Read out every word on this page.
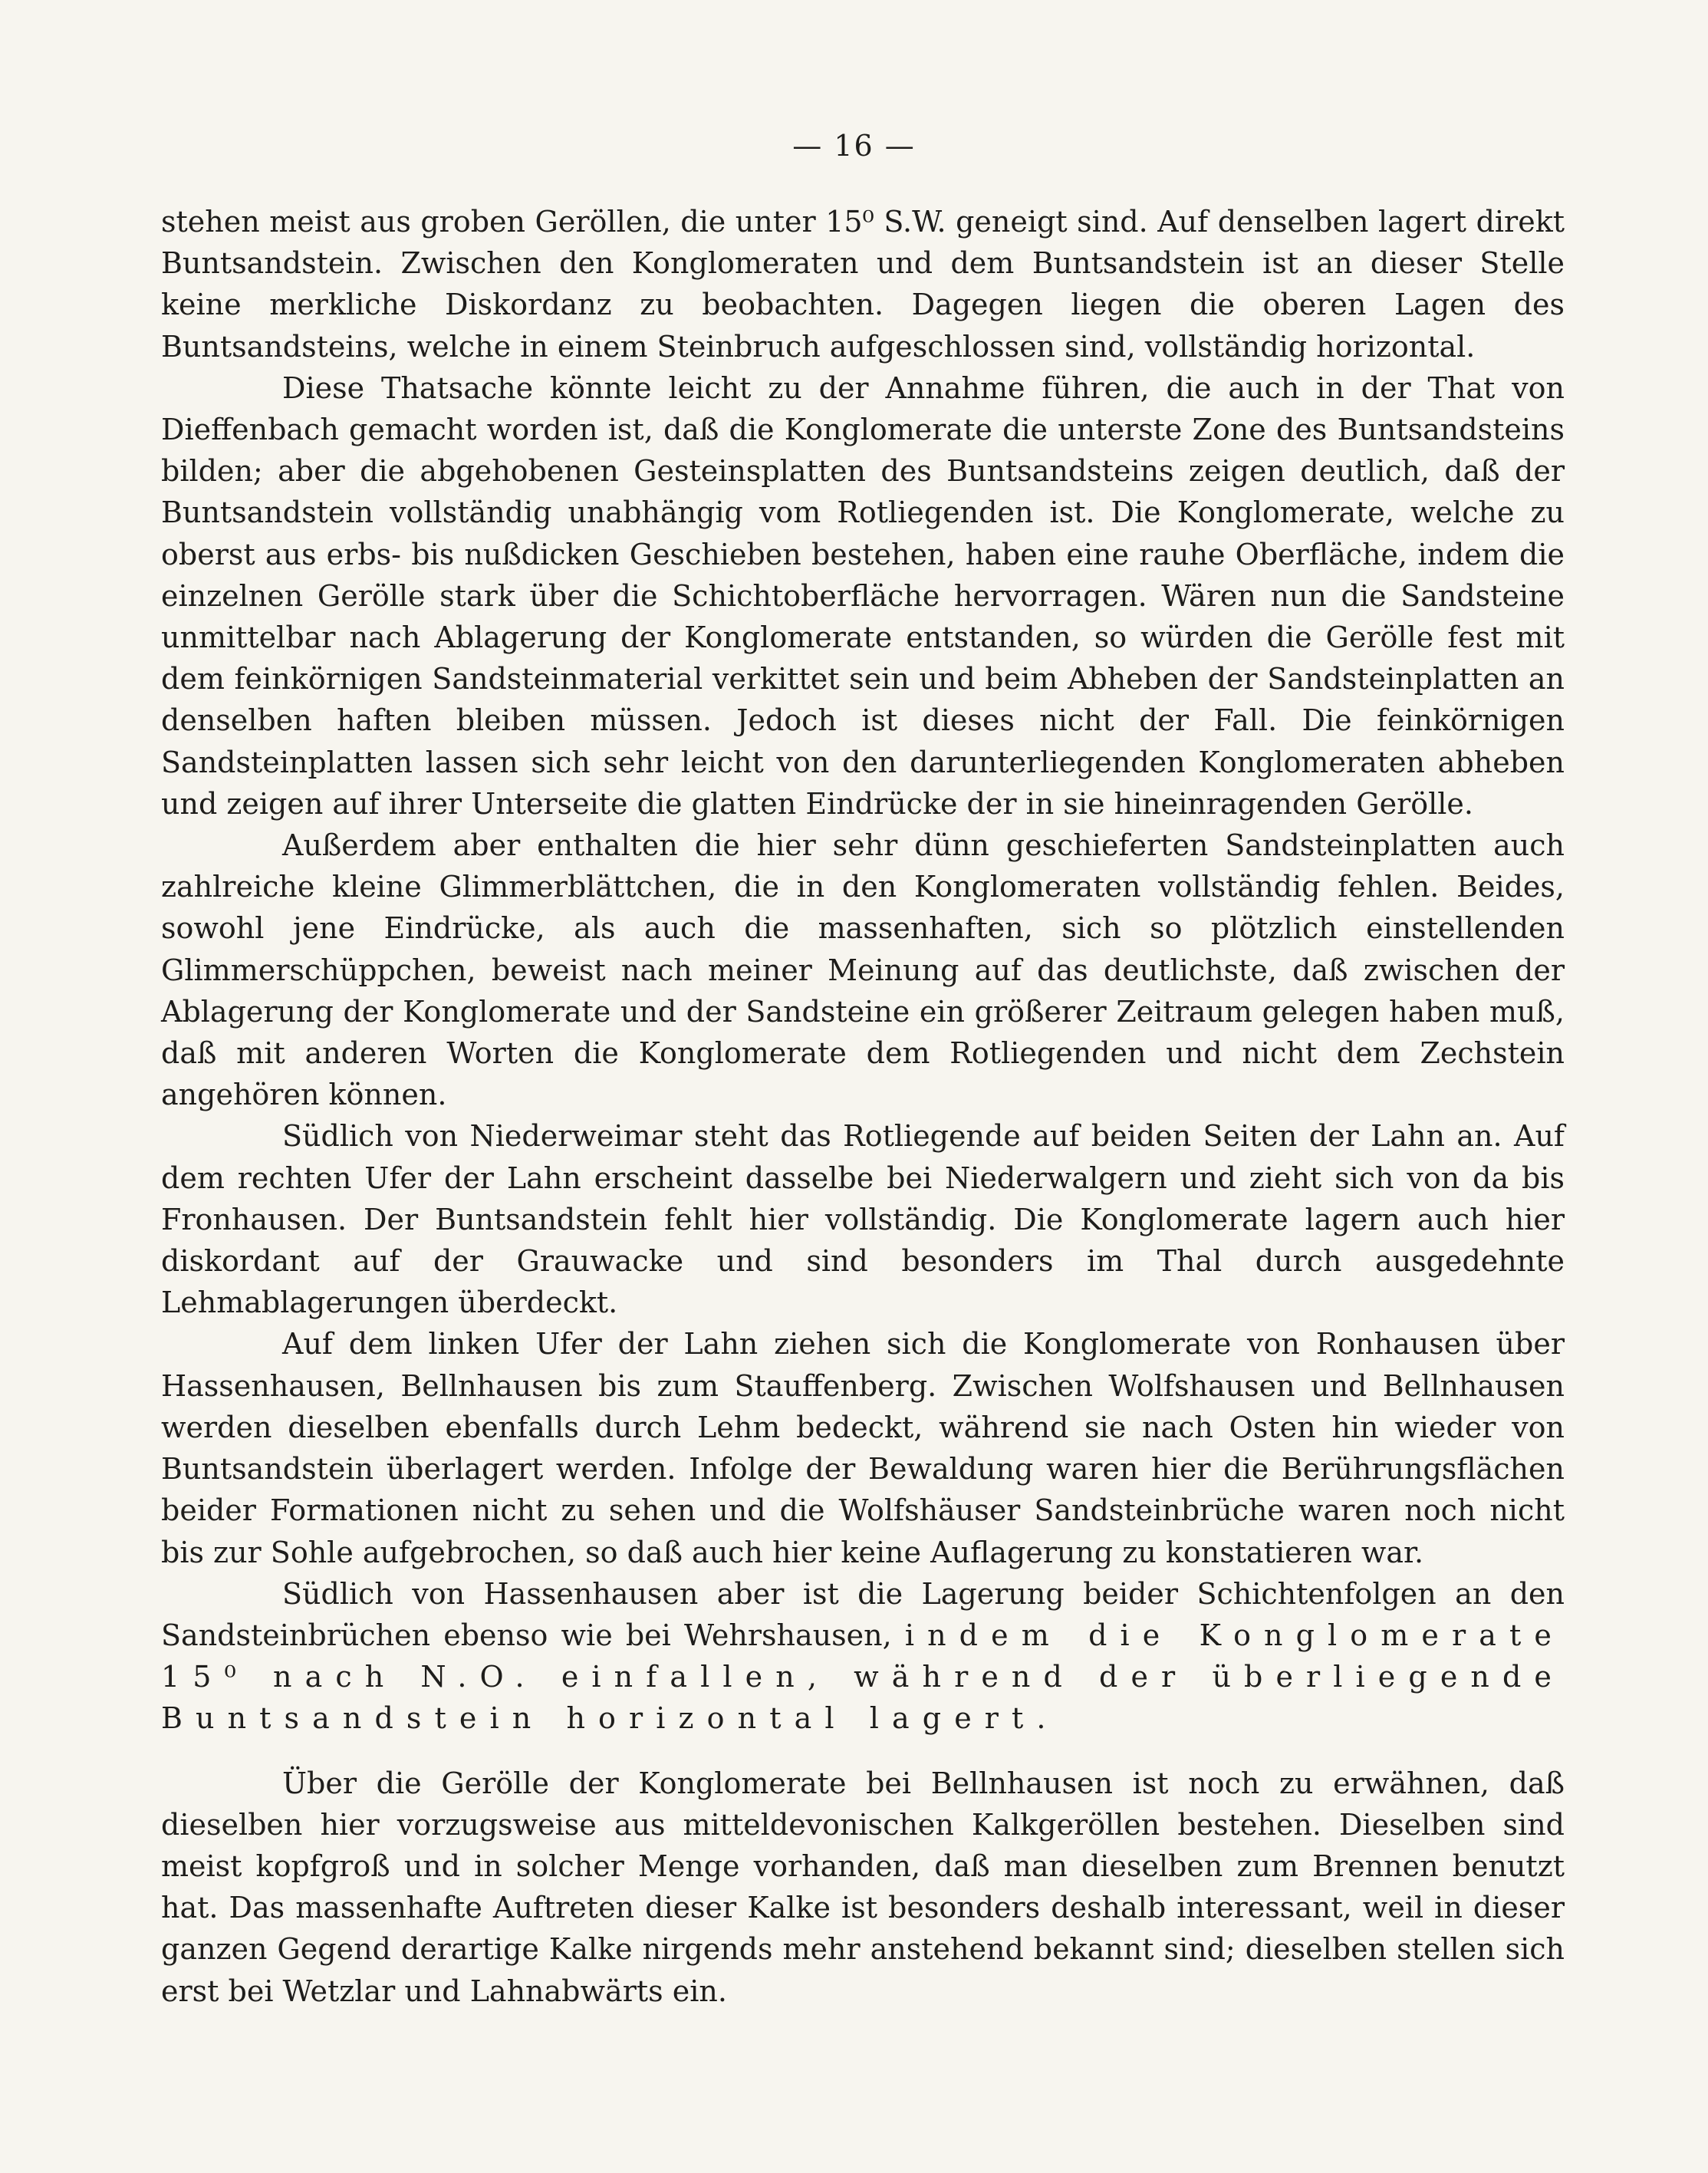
— 16 —

stehen meist aus groben Geröllen, die unter 15⁰ S.W. geneigt sind. Auf denselben lagert direkt Buntsandstein. Zwischen den Konglomeraten und dem Buntsandstein ist an dieser Stelle keine merkliche Diskordanz zu beobachten. Dagegen liegen die oberen Lagen des Buntsandsteins, welche in einem Steinbruch aufgeschlossen sind, vollständig horizontal.

Diese Thatsache könnte leicht zu der Annahme führen, die auch in der That von Dieffenbach gemacht worden ist, daß die Konglomerate die unterste Zone des Buntsandsteins bilden; aber die abgehobenen Gesteinsplatten des Buntsandsteins zeigen deutlich, daß der Buntsandstein vollständig unabhängig vom Rotliegenden ist. Die Konglomerate, welche zu oberst aus erbs- bis nußdicken Geschieben bestehen, haben eine rauhe Oberfläche, indem die einzelnen Gerölle stark über die Schichtoberfläche hervorragen. Wären nun die Sandsteine unmittelbar nach Ablagerung der Konglomerate entstanden, so würden die Gerölle fest mit dem feinkörnigen Sandsteinmaterial verkittet sein und beim Abheben der Sandsteinplatten an denselben haften bleiben müssen. Jedoch ist dieses nicht der Fall. Die feinkörnigen Sandsteinplatten lassen sich sehr leicht von den darunterliegenden Konglomeraten abheben und zeigen auf ihrer Unterseite die glatten Eindrücke der in sie hineinragenden Gerölle.

Außerdem aber enthalten die hier sehr dünn geschieferten Sandsteinplatten auch zahlreiche kleine Glimmerblättchen, die in den Konglomeraten vollständig fehlen. Beides, sowohl jene Eindrücke, als auch die massenhaften, sich so plötzlich einstellenden Glimmerschüppchen, beweist nach meiner Meinung auf das deutlichste, daß zwischen der Ablagerung der Konglomerate und der Sandsteine ein größerer Zeitraum gelegen haben muß, daß mit anderen Worten die Konglomerate dem Rotliegenden und nicht dem Zechstein angehören können.

Südlich von Niederweimar steht das Rotliegende auf beiden Seiten der Lahn an. Auf dem rechten Ufer der Lahn erscheint dasselbe bei Niederwalgern und zieht sich von da bis Fronhausen. Der Buntsandstein fehlt hier vollständig. Die Konglomerate lagern auch hier diskordant auf der Grauwacke und sind besonders im Thal durch ausgedehnte Lehmablagerungen überdeckt.

Auf dem linken Ufer der Lahn ziehen sich die Konglomerate von Ronhausen über Hassenhausen, Bellnhausen bis zum Stauffenberg. Zwischen Wolfshausen und Bellnhausen werden dieselben ebenfalls durch Lehm bedeckt, während sie nach Osten hin wieder von Buntsandstein überlagert werden. Infolge der Bewaldung waren hier die Berührungsflächen beider Formationen nicht zu sehen und die Wolfshäuser Sandsteinbrüche waren noch nicht bis zur Sohle aufgebrochen, so daß auch hier keine Auflagerung zu konstatieren war.

Südlich von Hassenhausen aber ist die Lagerung beider Schichtenfolgen an den Sandsteinbrüchen ebenso wie bei Wehrshausen, indem die Konglomerate 15⁰ nach N.O. einfallen, während der überliegende Buntsandstein horizontal lagert.

Über die Gerölle der Konglomerate bei Bellnhausen ist noch zu erwähnen, daß dieselben hier vorzugsweise aus mitteldevonischen Kalkgeröllen bestehen. Dieselben sind meist kopfgroß und in solcher Menge vorhanden, daß man dieselben zum Brennen benutzt hat. Das massenhafte Auftreten dieser Kalke ist besonders deshalb interessant, weil in dieser ganzen Gegend derartige Kalke nirgends mehr anstehend bekannt sind; dieselben stellen sich erst bei Wetzlar und Lahnabwärts ein.
